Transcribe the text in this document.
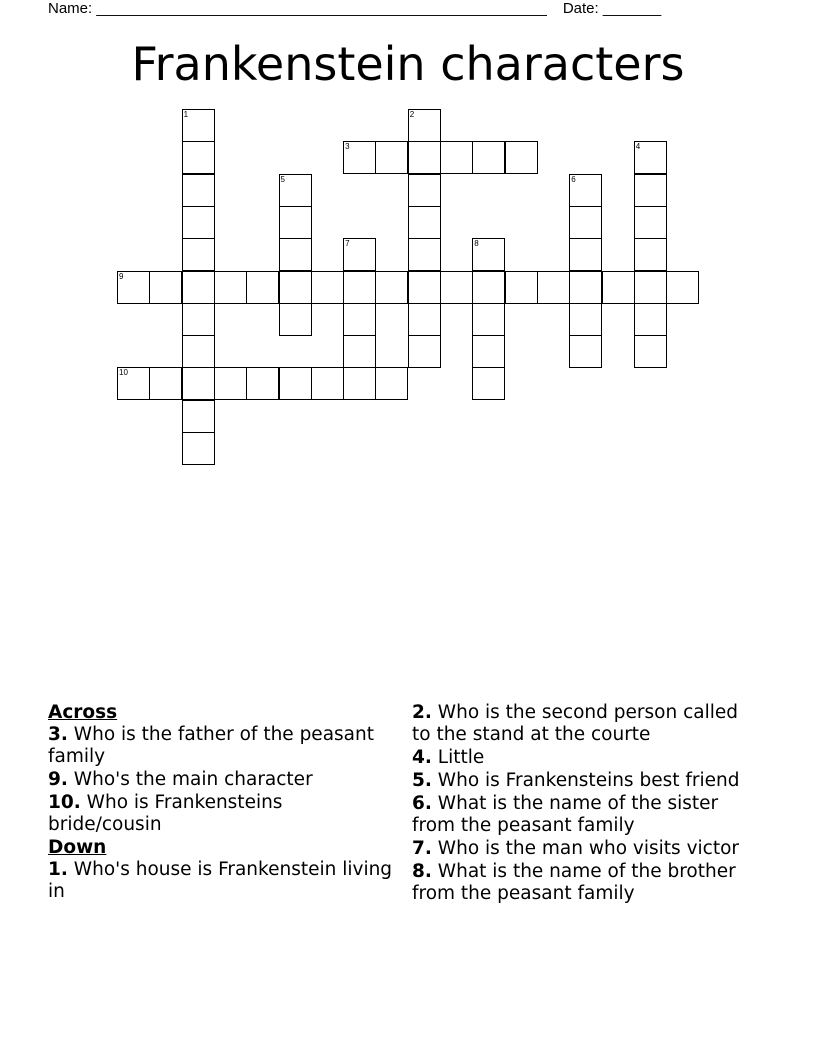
Name: ______________________________________________________ Date: _______
Frankenstein characters
1	2
3	4
5	6
7	8
9
10

Across

3. Who is the father of the peasant family
9. Who's the main character
10. Who is Frankensteins bride/cousin

Down

1. Who's house is Frankenstein living in
2. Who is the second person called to the stand at the courte
4. Little
5. Who is Frankensteins best friend
6. What is the name of the sister from the peasant family
7. Who is the man who visits victor
8. What is the name of the brother from the peasant family
